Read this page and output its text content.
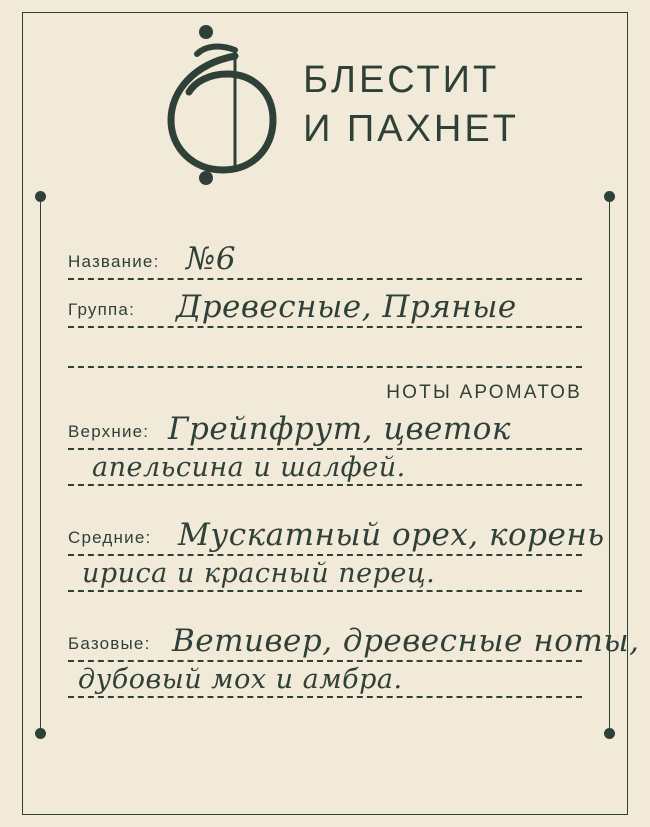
БЛЕСТИТ
И ПАХНЕТ
Название: №6
Группа: Древесные, Пряные
НОТЫ АРОМАТОВ
Верхние: Грейпфрут, цветок
апельсина и шалфей.
Средние: Мускатный орех, корень
ириса и красный перец.
Базовые: Ветивер, древесные ноты,
дубовый мох и амбра.
